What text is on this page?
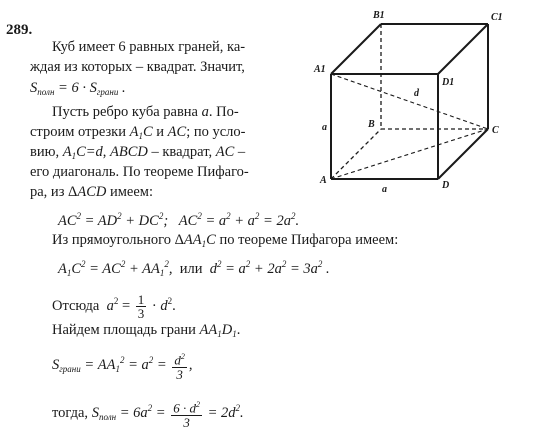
289.
Куб имеет 6 равных граней, ка-
ждая из которых – квадрат. Значит,
$S_{полн} = 6 \cdot S_{грани}$ .
Пусть ребро куба равна a. По-
строим отрезки $A_1C$ и AC; по усло-
вию, $A_1C=d$, ABCD – квадрат, AC –
его диагональ. По теореме Пифаго-
ра, из ΔACD имеем:
$AC^2 = AD^2 + DC^2$;   $AC^2 = a^2 + a^2 = 2a^2$.
Из прямоугольного $\Delta AA_1C$ по теореме Пифагора имеем:
$A_1C^2 = AC^2 + AA_1^2$,  или  $d^2 = a^2 + 2a^2 = 3a^2$ .
Отсюда  $a^2 = \frac{1}{3} \cdot d^2$.
Найдем площадь грани $AA_1D_1$.
$S_{грани} = AA_1^2 = a^2 = \frac{d^2}{3}$ ,
тогда, $S_{полн} = 6a^2 = \frac{6 \cdot d^2}{3} = 2d^2$.
B1	C1
A1
D1
B
C
A	D
a
a
d
